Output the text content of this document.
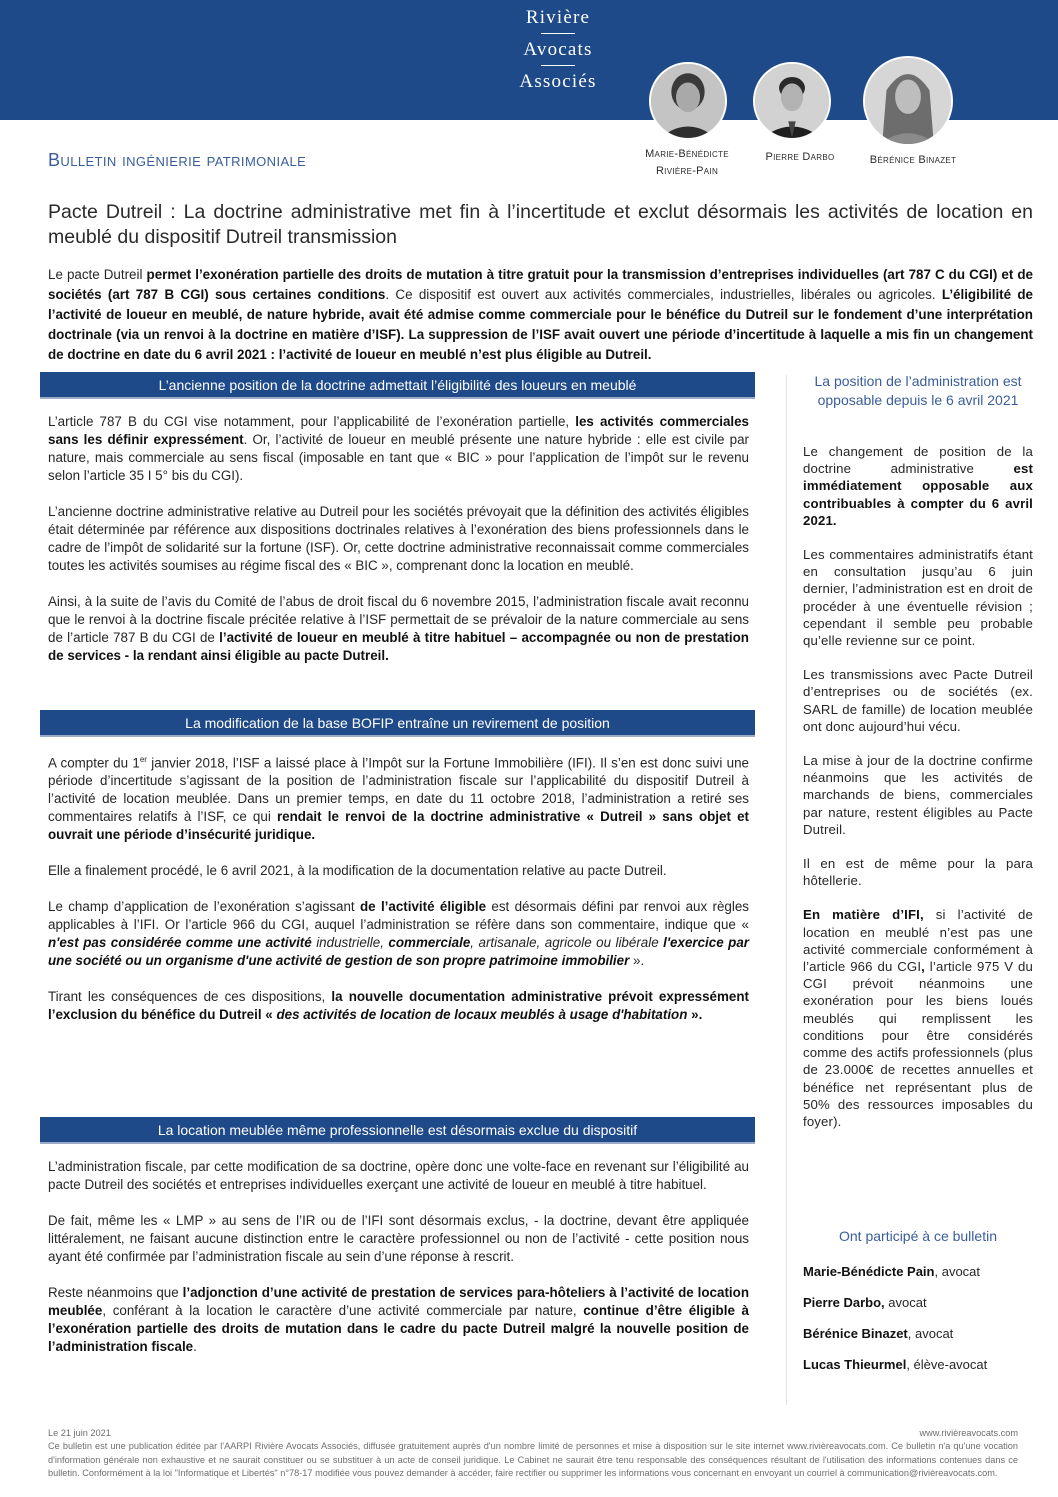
Rivière
Avocats
Associés
Marie-Bénédicte
Rivière-Pain
Pierre Darbo	Bérénice Binazet
Bulletin ingénierie patrimoniale
Pacte Dutreil : La doctrine administrative met fin à l’incertitude et exclut désormais les activités de location en meublé du dispositif Dutreil transmission

Le pacte Dutreil permet l’exonération partielle des droits de mutation à titre gratuit pour la transmission d’entreprises individuelles (art 787 C du CGI) et de sociétés (art 787 B CGI) sous certaines conditions. Ce dispositif est ouvert aux activités commerciales, industrielles, libérales ou agricoles. L’éligibilité de l’activité de loueur en meublé, de nature hybride, avait été admise comme commerciale pour le bénéfice du Dutreil sur le fondement d’une interprétation doctrinale (via un renvoi à la doctrine en matière d’ISF). La suppression de l’ISF avait ouvert une période d’incertitude à laquelle a mis fin un changement de doctrine en date du 6 avril 2021 : l’activité de loueur en meublé n’est plus éligible au Dutreil.

L’ancienne position de la doctrine admettait l’éligibilité des loueurs en meublé

L’article 787 B du CGI vise notamment, pour l’applicabilité de l’exonération partielle, les activités commerciales sans les définir expressément. Or, l’activité de loueur en meublé présente une nature hybride : elle est civile par nature, mais commerciale au sens fiscal (imposable en tant que « BIC » pour l’application de l’impôt sur le revenu selon l’article 35 I 5° bis du CGI).

L’ancienne doctrine administrative relative au Dutreil pour les sociétés prévoyait que la définition des activités éligibles était déterminée par référence aux dispositions doctrinales relatives à l’exonération des biens professionnels dans le cadre de l’impôt de solidarité sur la fortune (ISF). Or, cette doctrine administrative reconnaissait comme commerciales toutes les activités soumises au régime fiscal des « BIC », comprenant donc la location en meublé.

Ainsi, à la suite de l’avis du Comité de l’abus de droit fiscal du 6 novembre 2015, l’administration fiscale avait reconnu que le renvoi à la doctrine fiscale précitée relative à l’ISF permettait de se prévaloir de la nature commerciale au sens de l’article 787 B du CGI de l’activité de loueur en meublé à titre habituel – accompagnée ou non de prestation de services - la rendant ainsi éligible au pacte Dutreil.

La modification de la base BOFIP entraîne un revirement de position

A compter du 1er janvier 2018, l’ISF a laissé place à l’Impôt sur la Fortune Immobilière (IFI). Il s’en est donc suivi une période d’incertitude s’agissant de la position de l’administration fiscale sur l’applicabilité du dispositif Dutreil à l’activité de location meublée. Dans un premier temps, en date du 11 octobre 2018, l’administration a retiré ses commentaires relatifs à l’ISF, ce qui rendait le renvoi de la doctrine administrative « Dutreil » sans objet et ouvrait une période d’insécurité juridique.

Elle a finalement procédé, le 6 avril 2021, à la modification de la documentation relative au pacte Dutreil.

Le champ d’application de l’exonération s’agissant de l’activité éligible est désormais défini par renvoi aux règles applicables à l’IFI. Or l’article 966 du CGI, auquel l’administration se réfère dans son commentaire, indique que « n'est pas considérée comme une activité industrielle, commerciale, artisanale, agricole ou libérale l'exercice par une société ou un organisme d'une activité de gestion de son propre patrimoine immobilier ».

Tirant les conséquences de ces dispositions, la nouvelle documentation administrative prévoit expressément l’exclusion du bénéfice du Dutreil « des activités de location de locaux meublés à usage d'habitation ».

La location meublée même professionnelle est désormais exclue du dispositif

L’administration fiscale, par cette modification de sa doctrine, opère donc une volte-face en revenant sur l’éligibilité au pacte Dutreil des sociétés et entreprises individuelles exerçant une activité de loueur en meublé à titre habituel.

De fait, même les « LMP » au sens de l’IR ou de l’IFI sont désormais exclus, - la doctrine, devant être appliquée littéralement, ne faisant aucune distinction entre le caractère professionnel ou non de l’activité - cette position nous ayant été confirmée par l’administration fiscale au sein d’une réponse à rescrit.

Reste néanmoins que l’adjonction d’une activité de prestation de services para-hôteliers à l’activité de location meublée, conférant à la location le caractère d’une activité commerciale par nature, continue d’être éligible à l’exonération partielle des droits de mutation dans le cadre du pacte Dutreil malgré la nouvelle position de l’administration fiscale.

La position de l’administration est opposable depuis le 6 avril 2021

Le changement de position de la doctrine administrative est immédiatement opposable aux contribuables à compter du 6 avril 2021.

Les commentaires administratifs étant en consultation jusqu’au 6 juin dernier, l’administration est en droit de procéder à une éventuelle révision ; cependant il semble peu probable qu’elle revienne sur ce point.

Les transmissions avec Pacte Dutreil d’entreprises ou de sociétés (ex. SARL de famille) de location meublée ont donc aujourd’hui vécu.

La mise à jour de la doctrine confirme néanmoins que les activités de marchands de biens, commerciales par nature, restent éligibles au Pacte Dutreil.

Il en est de même pour la para hôtellerie.

En matière d’IFI, si l’activité de location en meublé n’est pas une activité commerciale conformément à l’article 966 du CGI, l’article 975 V du CGI prévoit néanmoins une exonération pour les biens loués meublés qui remplissent les conditions pour être considérés comme des actifs professionnels (plus de 23.000€ de recettes annuelles et bénéfice net représentant plus de 50% des ressources imposables du foyer).

Ont participé à ce bulletin
Marie-Bénédicte Pain, avocat
Pierre Darbo, avocat
Bérénice Binazet, avocat
Lucas Thieurmel, élève-avocat
Le 21 juin 2021	www.rivièreavocats.com
Ce bulletin est une publication éditée par l'AARPI Rivière Avocats Associés, diffusée gratuitement auprès d'un nombre limité de personnes et mise à disposition sur le site internet www.rivièreavocats.com. Ce bulletin n'a qu'une vocation d'information générale non exhaustive et ne saurait constituer ou se substituer à un acte de conseil juridique. Le Cabinet ne saurait être tenu responsable des conséquences résultant de l'utilisation des informations contenues dans ce bulletin. Conformément à la loi "Informatique et Libertés" n°78-17 modifiée vous pouvez demander à accéder, faire rectifier ou supprimer les informations vous concernant en envoyant un courriel à communication@rivièreavocats.com.
